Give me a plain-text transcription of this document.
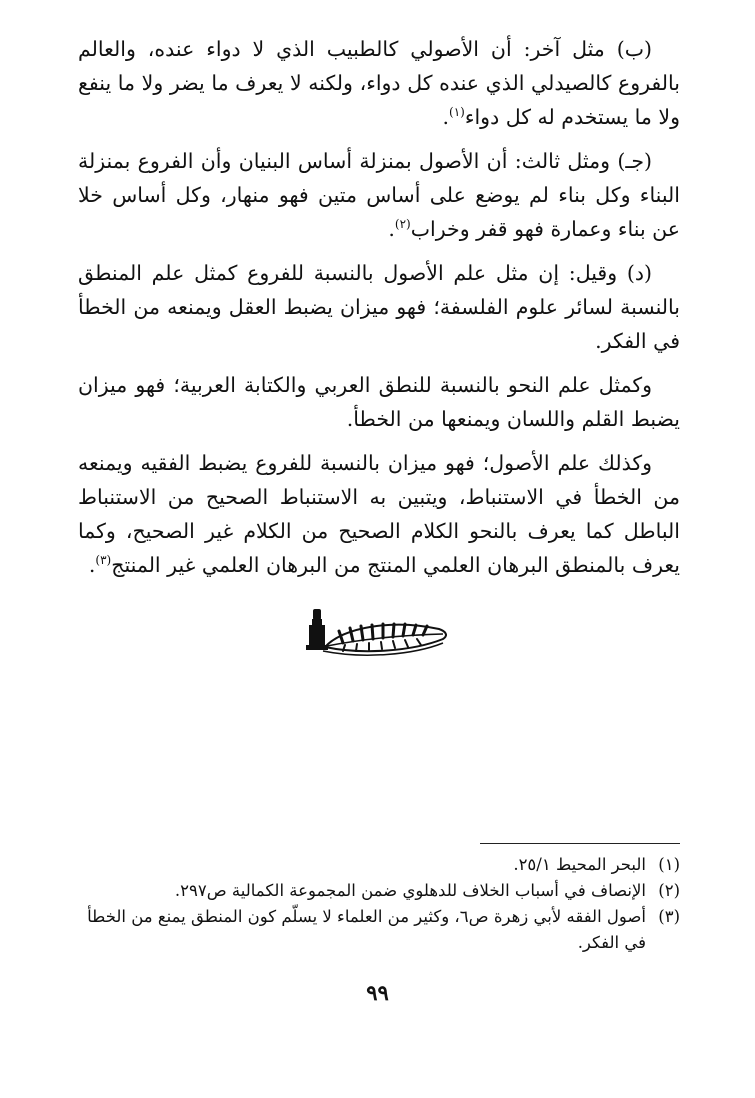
(ب) مثل آخر: أن الأصولي كالطبيب الذي لا دواء عنده، والعالم بالفروع كالصيدلي الذي عنده كل دواء، ولكنه لا يعرف ما يضر ولا ما ينفع ولا ما يستخدم له كل دواء$^{(١)}$.

(جـ) ومثل ثالث: أن الأصول بمنزلة أساس البنيان وأن الفروع بمنزلة البناء وكل بناء لم يوضع على أساس متين فهو منهار، وكل أساس خلا عن بناء وعمارة فهو قفر وخراب$^{(٢)}$.

(د) وقيل: إن مثل علم الأصول بالنسبة للفروع كمثل علم المنطق بالنسبة لسائر علوم الفلسفة؛ فهو ميزان يضبط العقل ويمنعه من الخطأ في الفكر.

وكمثل علم النحو بالنسبة للنطق العربي والكتابة العربية؛ فهو ميزان يضبط القلم واللسان ويمنعها من الخطأ.

وكذلك علم الأصول؛ فهو ميزان بالنسبة للفروع يضبط الفقيه ويمنعه من الخطأ في الاستنباط، ويتبين به الاستنباط الصحيح من الاستنباط الباطل كما يعرف بالنحو الكلام الصحيح من الكلام غير الصحيح، وكما يعرف بالمنطق البرهان العلمي المنتج من البرهان العلمي غير المنتج$^{(٣)}$.

(١)
البحر المحيط ٢٥/١.
(٢)
الإنصاف في أسباب الخلاف للدهلوي ضمن المجموعة الكمالية ص٢٩٧.
(٣)
أصول الفقه لأبي زهرة ص٦، وكثير من العلماء لا يسلّم كون المنطق يمنع من الخطأ في الفكر.
٩٩
